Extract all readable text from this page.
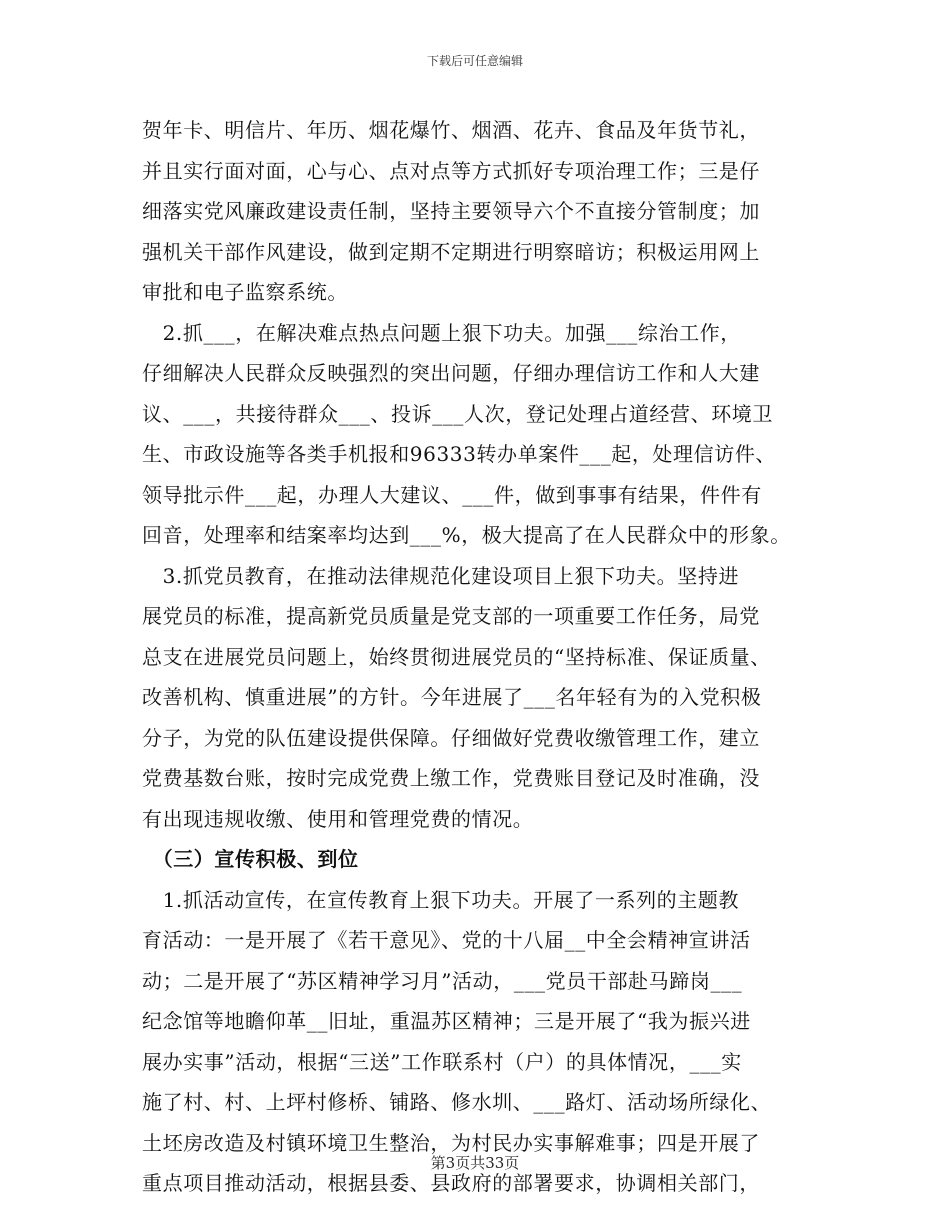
下载后可任意编辑
贺年卡、明信片、年历、烟花爆竹、烟酒、花卉、食品及年货节礼，
并且实行面对面，心与心、点对点等方式抓好专项治理工作；三是仔
细落实党风廉政建设责任制，坚持主要领导六个不直接分管制度；加
强机关干部作风建设，做到定期不定期进行明察暗访；积极运用网上
审批和电子监察系统。
　2.抓___，在解决难点热点问题上狠下功夫。加强___综治工作，
仔细解决人民群众反映强烈的突出问题，仔细办理信访工作和人大建
议、___，共接待群众___、投诉___人次，登记处理占道经营、环境卫
生、市政设施等各类手机报和96333转办单案件___起，处理信访件、
领导批示件___起，办理人大建议、___件，做到事事有结果，件件有
回音，处理率和结案率均达到___%，极大提高了在人民群众中的形象。
　3.抓党员教育，在推动法律规范化建设项目上狠下功夫。坚持进
展党员的标准，提高新党员质量是党支部的一项重要工作任务，局党
总支在进展党员问题上，始终贯彻进展党员的“坚持标准、保证质量、
改善机构、慎重进展”的方针。今年进展了___名年轻有为的入党积极
分子，为党的队伍建设提供保障。仔细做好党费收缴管理工作，建立
党费基数台账，按时完成党费上缴工作，党费账目登记及时准确，没
有出现违规收缴、使用和管理党费的情况。
　（三）宣传积极、到位
　1.抓活动宣传，在宣传教育上狠下功夫。开展了一系列的主题教
育活动：一是开展了《若干意见》、党的十八届__中全会精神宣讲活
动；二是开展了“苏区精神学习月”活动，___党员干部赴马蹄岗___
纪念馆等地瞻仰革__旧址，重温苏区精神；三是开展了“我为振兴进
展办实事”活动，根据“三送”工作联系村（户）的具体情况，___实
施了村、村、上坪村修桥、铺路、修水圳、___路灯、活动场所绿化、
土坯房改造及村镇环境卫生整治，为村民办实事解难事；四是开展了
重点项目推动活动，根据县委、县政府的部署要求，协调相关部门，
第3页共33页
